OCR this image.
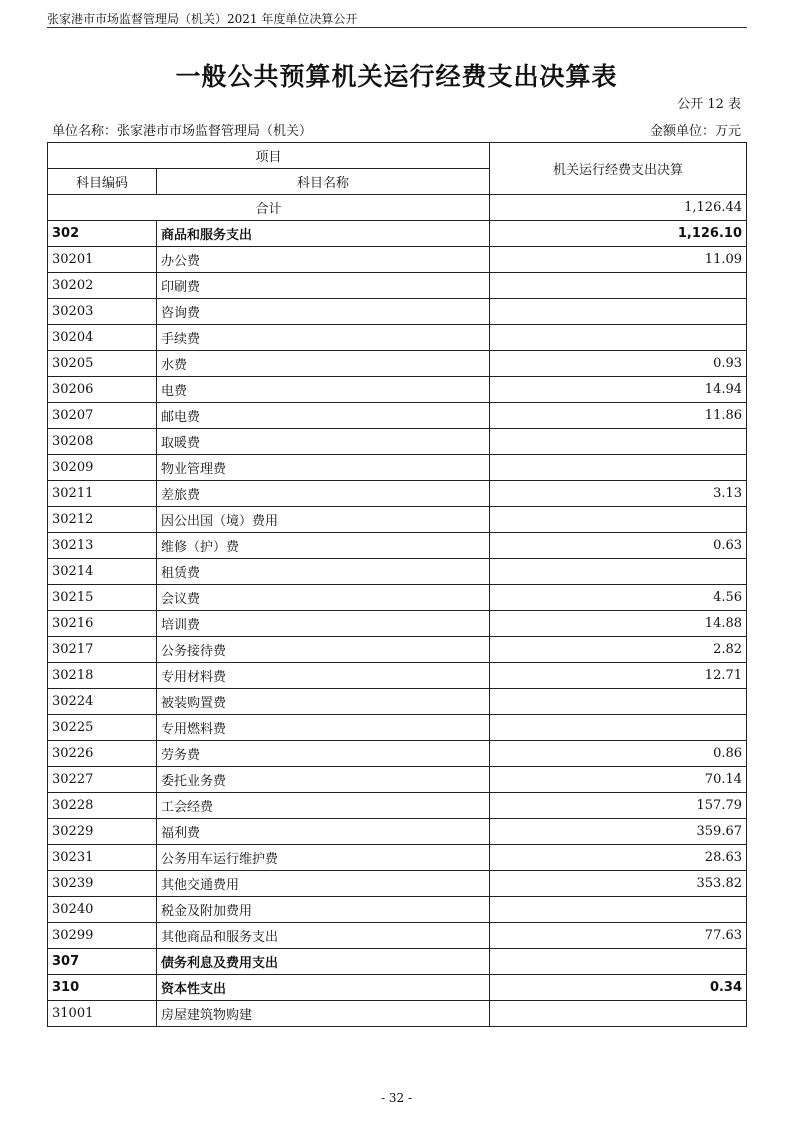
张家港市市场监督管理局（机关）2021 年度单位决算公开
一般公共预算机关运行经费支出决算表
公开 12 表
单位名称：张家港市市场监督管理局（机关）	金额单位：万元
项目		机关运行经费支出决算
科目编码	科目名称	
合计		1,126.44
302	商品和服务支出	1,126.10
30201	办公费	11.09
30202	印刷费	
30203	咨询费	
30204	手续费	
30205	水费	0.93
30206	电费	14.94
30207	邮电费	11.86
30208	取暖费	
30209	物业管理费	
30211	差旅费	3.13
30212	因公出国（境）费用	
30213	维修（护）费	0.63
30214	租赁费	
30215	会议费	4.56
30216	培训费	14.88
30217	公务接待费	2.82
30218	专用材料费	12.71
30224	被装购置费	
30225	专用燃料费	
30226	劳务费	0.86
30227	委托业务费	70.14
30228	工会经费	157.79
30229	福利费	359.67
30231	公务用车运行维护费	28.63
30239	其他交通费用	353.82
30240	税金及附加费用	
30299	其他商品和服务支出	77.63
307	债务利息及费用支出	
310	资本性支出	0.34
31001	房屋建筑物购建	
- 32 -
